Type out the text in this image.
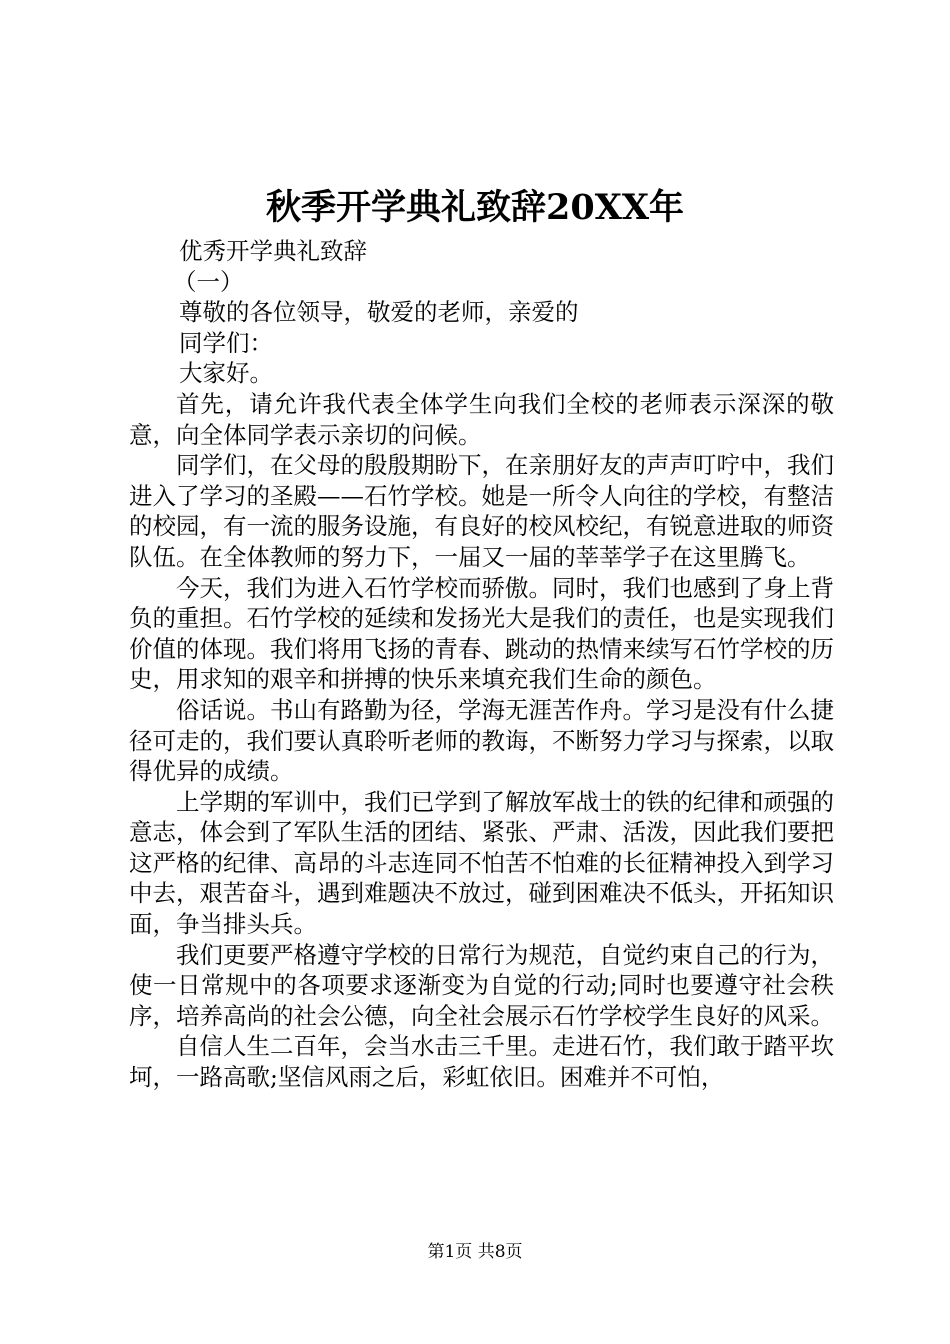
秋季开学典礼致辞20XX年

优秀开学典礼致辞

（一）

尊敬的各位领导，敬爱的老师，亲爱的

同学们：

大家好。

首先，请允许我代表全体学生向我们全校的老师表示深深的敬意，向全体同学表示亲切的问候。

同学们，在父母的殷殷期盼下，在亲朋好友的声声叮咛中，我们进入了学习的圣殿——石竹学校。她是一所令人向往的学校，有整洁的校园，有一流的服务设施，有良好的校风校纪，有锐意进取的师资队伍。在全体教师的努力下，一届又一届的莘莘学子在这里腾飞。

今天，我们为进入石竹学校而骄傲。同时，我们也感到了身上背负的重担。石竹学校的延续和发扬光大是我们的责任，也是实现我们价值的体现。我们将用飞扬的青春、跳动的热情来续写石竹学校的历史，用求知的艰辛和拼搏的快乐来填充我们生命的颜色。

俗话说。书山有路勤为径，学海无涯苦作舟。学习是没有什么捷径可走的，我们要认真聆听老师的教诲，不断努力学习与探索，以取得优异的成绩。

上学期的军训中，我们已学到了解放军战士的铁的纪律和顽强的意志，体会到了军队生活的团结、紧张、严肃、活泼，因此我们要把这严格的纪律、高昂的斗志连同不怕苦不怕难的长征精神投入到学习中去，艰苦奋斗，遇到难题决不放过，碰到困难决不低头，开拓知识面，争当排头兵。

我们更要严格遵守学校的日常行为规范，自觉约束自己的行为，使一日常规中的各项要求逐渐变为自觉的行动;同时也要遵守社会秩序，培养高尚的社会公德，向全社会展示石竹学校学生良好的风采。

自信人生二百年，会当水击三千里。走进石竹，我们敢于踏平坎坷，一路高歌;坚信风雨之后，彩虹依旧。困难并不可怕，

第1页 共8页
